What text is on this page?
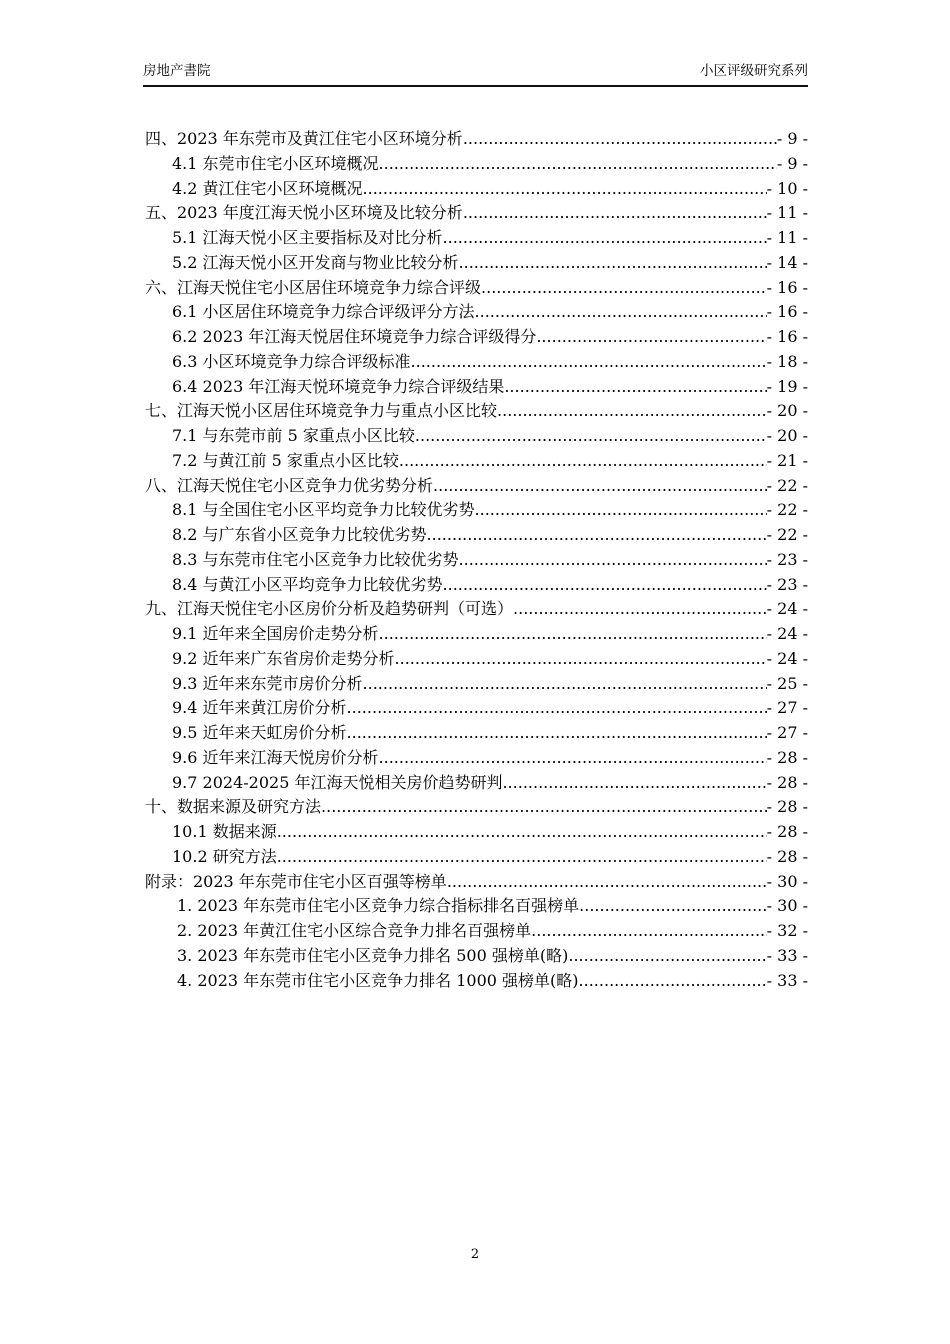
房地产書院	小区评级研究系列
四、2023 年东莞市及黄江住宅小区环境分析 .....	- 9 -
4.1 东莞市住宅小区环境概况 .....	- 9 -
4.2 黄江住宅小区环境概况 .....	- 10 -
五、2023 年度江海天悦小区环境及比较分析 .....	- 11 -
5.1 江海天悦小区主要指标及对比分析 .....	- 11 -
5.2 江海天悦小区开发商与物业比较分析 .....	- 14 -
六、江海天悦住宅小区居住环境竞争力综合评级 .....	- 16 -
6.1 小区居住环境竞争力综合评级评分方法 .....	- 16 -
6.2 2023 年江海天悦居住环境竞争力综合评级得分 .....	- 16 -
6.3 小区环境竞争力综合评级标准 .....	- 18 -
6.4 2023 年江海天悦环境竞争力综合评级结果 .....	- 19 -
七、江海天悦小区居住环境竞争力与重点小区比较 .....	- 20 -
7.1 与东莞市前 5 家重点小区比较 .....	- 20 -
7.2 与黄江前 5 家重点小区比较 .....	- 21 -
八、江海天悦住宅小区竞争力优劣势分析 .....	- 22 -
8.1 与全国住宅小区平均竞争力比较优劣势 .....	- 22 -
8.2 与广东省小区竞争力比较优劣势 .....	- 22 -
8.3 与东莞市住宅小区竞争力比较优劣势 .....	- 23 -
8.4 与黄江小区平均竞争力比较优劣势 .....	- 23 -
九、江海天悦住宅小区房价分析及趋势研判（可选） .....	- 24 -
9.1 近年来全国房价走势分析 .....	- 24 -
9.2 近年来广东省房价走势分析 .....	- 24 -
9.3 近年来东莞市房价分析 .....	- 25 -
9.4 近年来黄江房价分析 .....	- 27 -
9.5 近年来天虹房价分析 .....	- 27 -
9.6 近年来江海天悦房价分析 .....	- 28 -
9.7 2024-2025 年江海天悦相关房价趋势研判 .....	- 28 -
十、数据来源及研究方法 .....	- 28 -
10.1 数据来源 .....	- 28 -
10.2 研究方法 .....	- 28 -
附录：2023 年东莞市住宅小区百强等榜单 .....	- 30 -
1. 2023 年东莞市住宅小区竞争力综合指标排名百强榜单 .....	- 30 -
2. 2023 年黄江住宅小区综合竞争力排名百强榜单 .....	- 32 -
3. 2023 年东莞市住宅小区竞争力排名 500 强榜单(略) .....	- 33 -
4. 2023 年东莞市住宅小区竞争力排名 1000 强榜单(略) .....	- 33 -
2
